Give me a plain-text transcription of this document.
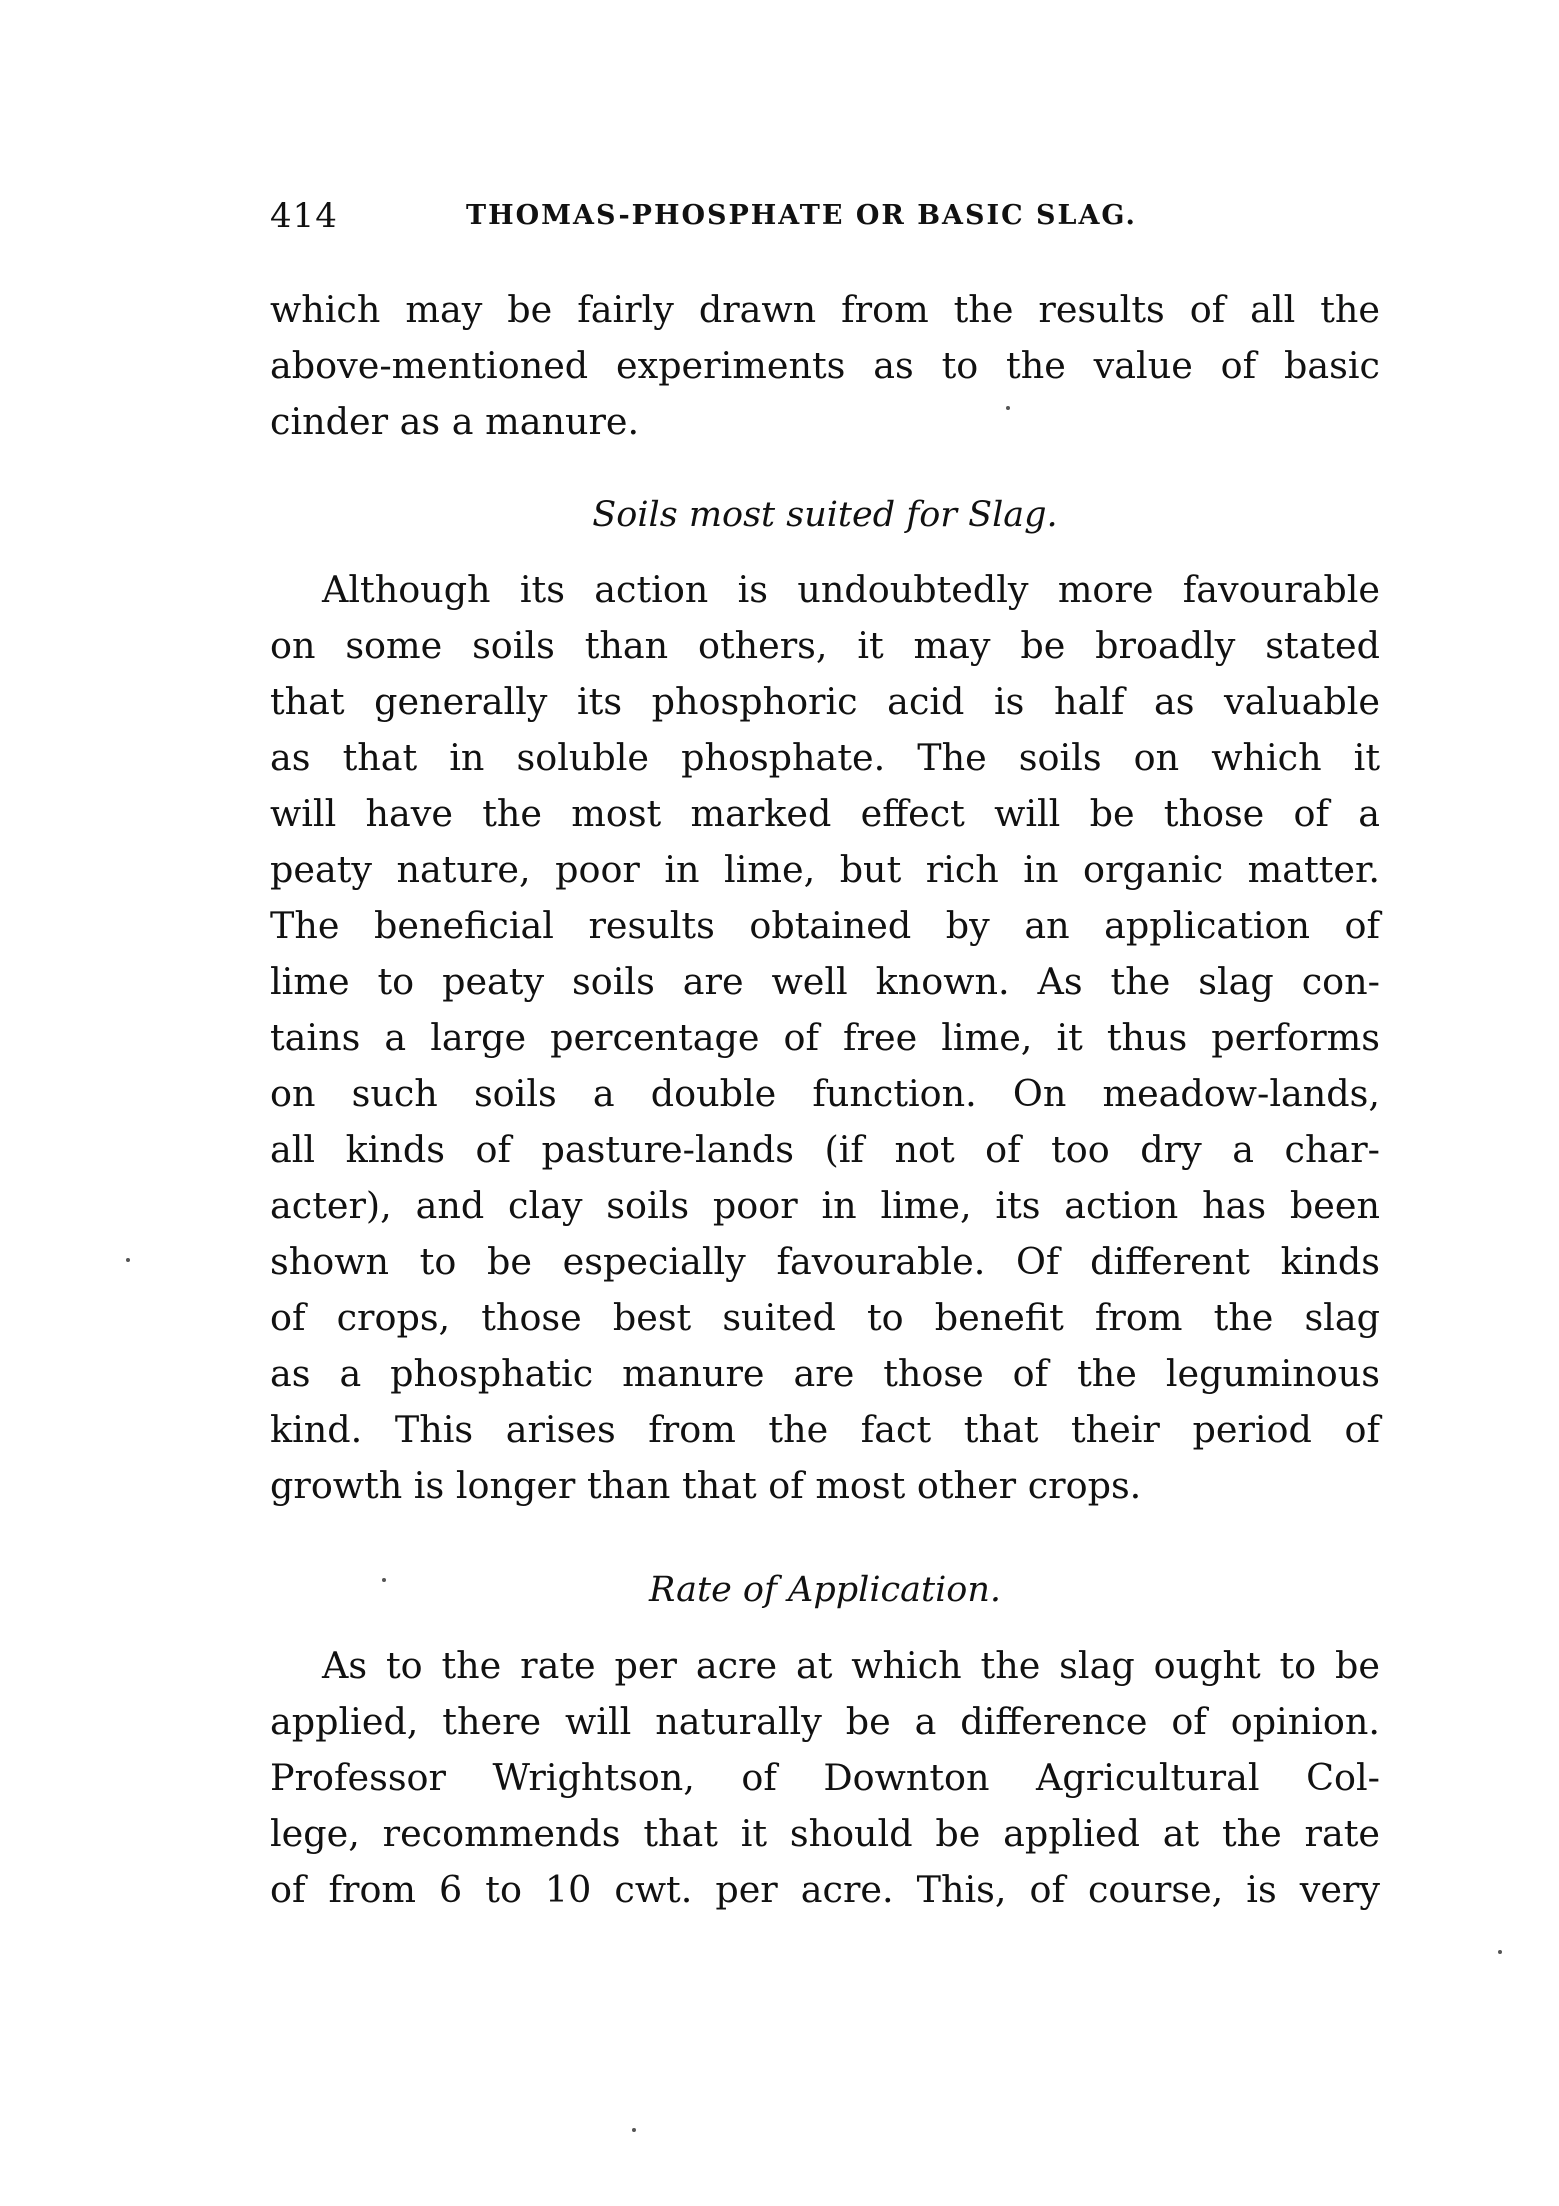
414	THOMAS-PHOSPHATE OR BASIC SLAG.
which may be fairly drawn from the results of all the
above-mentioned experiments as to the value of basic
cinder as a manure.
Soils most suited for Slag.
Although its action is undoubtedly more favourable
on some soils than others, it may be broadly stated
that generally its phosphoric acid is half as valuable
as that in soluble phosphate. The soils on which it
will have the most marked effect will be those of a
peaty nature, poor in lime, but rich in organic matter.
The beneficial results obtained by an application of
lime to peaty soils are well known. As the slag con-
tains a large percentage of free lime, it thus performs
on such soils a double function. On meadow-lands,
all kinds of pasture-lands (if not of too dry a char-
acter), and clay soils poor in lime, its action has been
shown to be especially favourable. Of different kinds
of crops, those best suited to benefit from the slag
as a phosphatic manure are those of the leguminous
kind. This arises from the fact that their period of
growth is longer than that of most other crops.
Rate of Application.
As to the rate per acre at which the slag ought to be
applied, there will naturally be a difference of opinion.
Professor Wrightson, of Downton Agricultural Col-
lege, recommends that it should be applied at the rate
of from 6 to 10 cwt. per acre. This, of course, is very
